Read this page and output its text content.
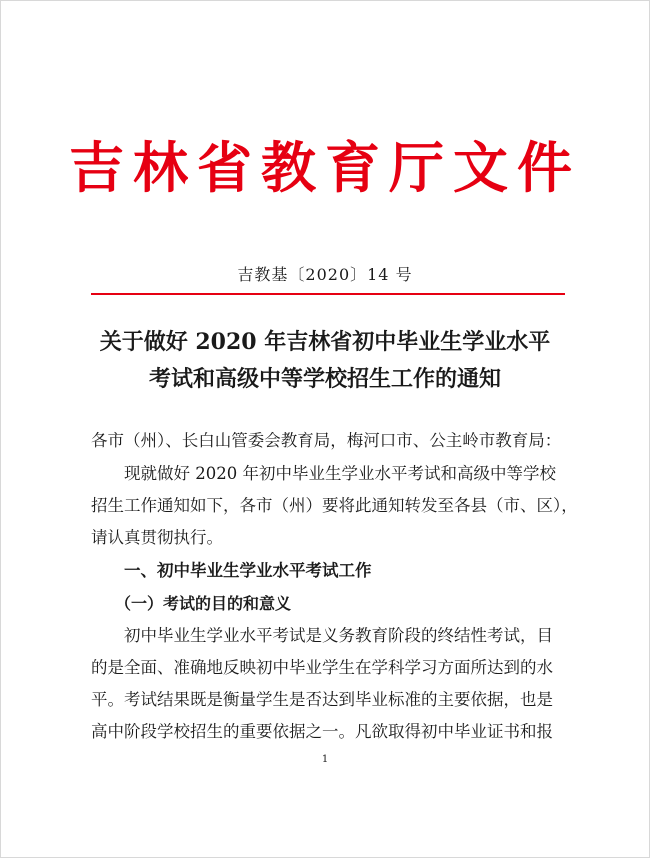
吉林省教育厅文件
吉教基〔2020〕14 号
关于做好 2020 年吉林省初中毕业生学业水平
考试和高级中等学校招生工作的通知
各市（州）、长白山管委会教育局，梅河口市、公主岭市教育局：
　　现就做好 2020 年初中毕业生学业水平考试和高级中等学校
招生工作通知如下，各市（州）要将此通知转发至各县（市、区），
请认真贯彻执行。
　　一、初中毕业生学业水平考试工作
　　（一）考试的目的和意义
　　初中毕业生学业水平考试是义务教育阶段的终结性考试，目
的是全面、准确地反映初中毕业学生在学科学习方面所达到的水
平。考试结果既是衡量学生是否达到毕业标准的主要依据，也是
高中阶段学校招生的重要依据之一。凡欲取得初中毕业证书和报
1
